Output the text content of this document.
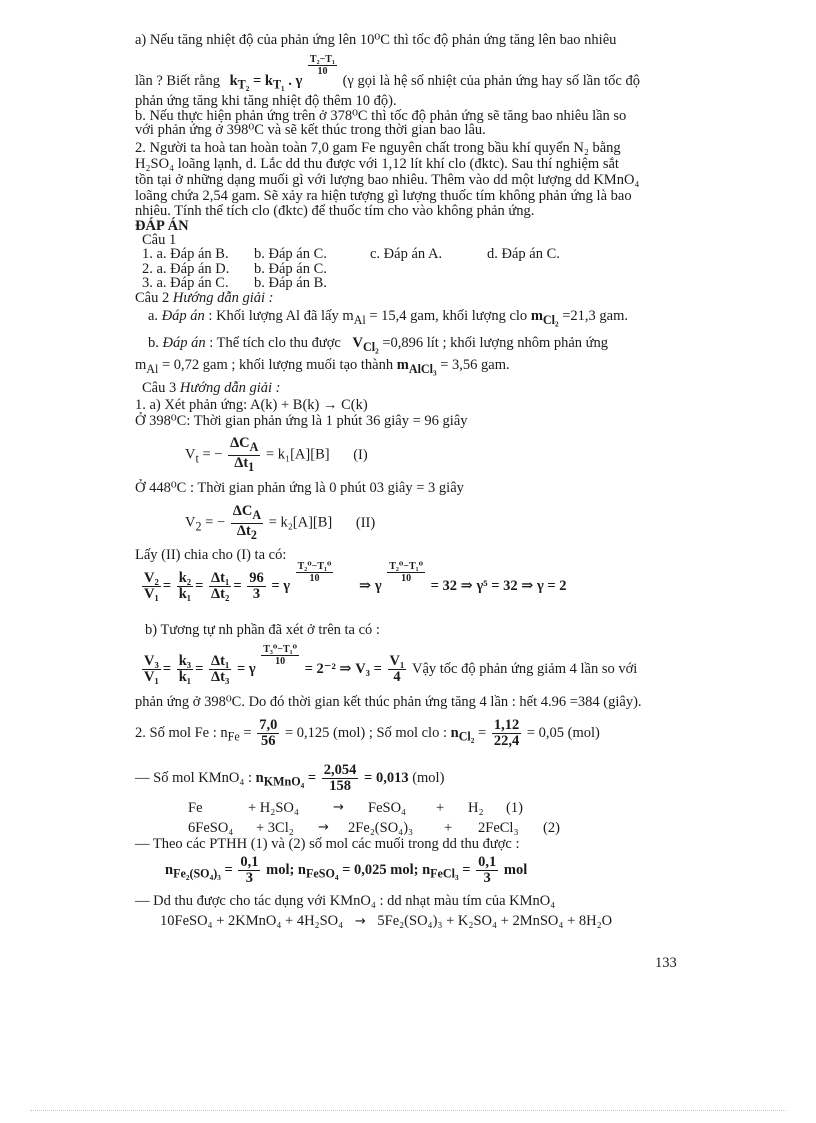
a) Nếu tăng nhiệt độ của phản ứng lên 10⁰C thì tốc độ phản ứng tăng lên bao nhiêu
lần ? Biết rằng $k_{T_2} = k_{T_1}$ . γ
$\frac{\text{T₂−T₁}}{10}$
(γ gọi là hệ số nhiệt của phản ứng hay số lần tốc độ
phản ứng tăng khi tăng nhiệt độ thêm 10 độ).
b. Nếu thực hiện phản ứng trên ở 378⁰C thì tốc độ phản ứng sẽ tăng bao nhiêu lần so
với phản ứng ở 398⁰C và sẽ kết thúc trong thời gian bao lâu.
2. Người ta hoà tan hoàn toàn 7,0 gam Fe nguyên chất trong bầu khí quyển N₂ bằng
H₂SO₄ loãng lạnh, d. Lắc dd thu được với 1,12 lít khí clo (đktc). Sau thí nghiệm sắt
tồn tại ở những dạng muối gì với lượng bao nhiêu. Thêm vào dd một lượng dd KMnO₄
loãng chứa 2,54 gam. Sẽ xảy ra hiện tượng gì lượng thuốc tím không phản ứng là bao
nhiêu. Tính thể tích clo (đktc) để thuốc tím cho vào không phản ứng.
ĐÁP ÁN
Câu 1
1. a. Đáp án B. b. Đáp án C.	c. Đáp án A.	d. Đáp án C.
2. a. Đáp án D. b. Đáp án C.
3. a. Đáp án C. b. Đáp án B.
Câu 2 Hướng dẫn giải :
a. Đáp án : Khối lượng Al đã lấy $m_{Al} = 15,4$ gam, khối lượng clo $m_{Cl_2} =21,3$ gam.
b. Đáp án : Thể tích clo thu được $V_{Cl_2} =0,896$ lít ; khối lượng nhôm phản ứng
$m_{Al} = 0,72$ gam ; khối lượng muối tạo thành $m_{AlCl_3} = 3,56$ gam.
Câu 3 Hướng dẫn giải :
1. a) Xét phản ứng: A(k) + B(k) → C(k)
Ở 398⁰C: Thời gian phản ứng là 1 phút 36 giây = 96 giây
$V_t$ = − $\frac{\Delta C_A}{\Delta t_1} = k_1[A][B]$ (I)
Ở 448⁰C : Thời gian phản ứng là 0 phút 03 giây = 3 giây
$V_2$ = − $\frac{\Delta C_A}{\Delta t_2} = k_2[A][B]$ (II)
Lấy (II) chia cho (I) ta có:
$\frac{\text{V₂}}{\text{V₁}} = \frac{\text{k₂}}{\text{k₁}} = \frac{\text{Δt₁}}{\text{Δt₂}} = \frac{96}{3} = \gamma$
$\frac{\text{T₂⁰−T₁⁰}}{10}$
⇒ γ
$\frac{\text{T₂⁰−T₁⁰}}{10}$
= 32 ⇒ γ⁵ = 32 ⇒ γ = 2
b) Tương tự nh phần đã xét ở trên ta có :
$\frac{\text{V₃}}{\text{V₁}} = \frac{\text{k₃}}{\text{k₁}} = \frac{\text{Δt₁}}{\text{Δt₃}} = \gamma$
$\frac{\text{T₃⁰−T₁⁰}}{10}$
= 2⁻² ⇒ $V_3 = \frac{\text{V₁}}{4}$ Vậy tốc độ phản ứng giảm 4 lần so với
phản ứng ở 398⁰C. Do đó thời gian kết thúc phản ứng tăng 4 lần : hết 4.96 =384 (giây).
2. Số mol Fe : $n_{Fe} = \frac{7,0}{56} = 0,125$ (mol) ; Số mol clo : $n_{Cl_2} = \frac{1,12}{22,4} = 0,05$ (mol)
— Số mol KMnO₄ : $n_{KMnO_4} = \frac{2,054}{158} = 0,013$ (mol)
Fe	+ H₂SO₄	→ FeSO₄ + H₂ (1)
6FeSO₄ + 3Cl₂ → 2Fe₂(SO₄)₃ + 2FeCl₃ (2)
— Theo các PTHH (1) và (2) số mol các muối trong dd thu được :
$n_{Fe_2(SO_4)_3} = \frac{0,1}{3}$ mol; $n_{FeSO_4} = 0,025$ mol; $n_{FeCl_3} = \frac{0,1}{3}$ mol
— Dd thu được cho tác dụng với KMnO₄ : dd nhạt màu tím của KMnO₄
10FeSO₄ + 2KMnO₄ + 4H₂SO₄ → 5Fe₂(SO₄)₃ + K₂SO₄ + 2MnSO₄ + 8H₂O
133
